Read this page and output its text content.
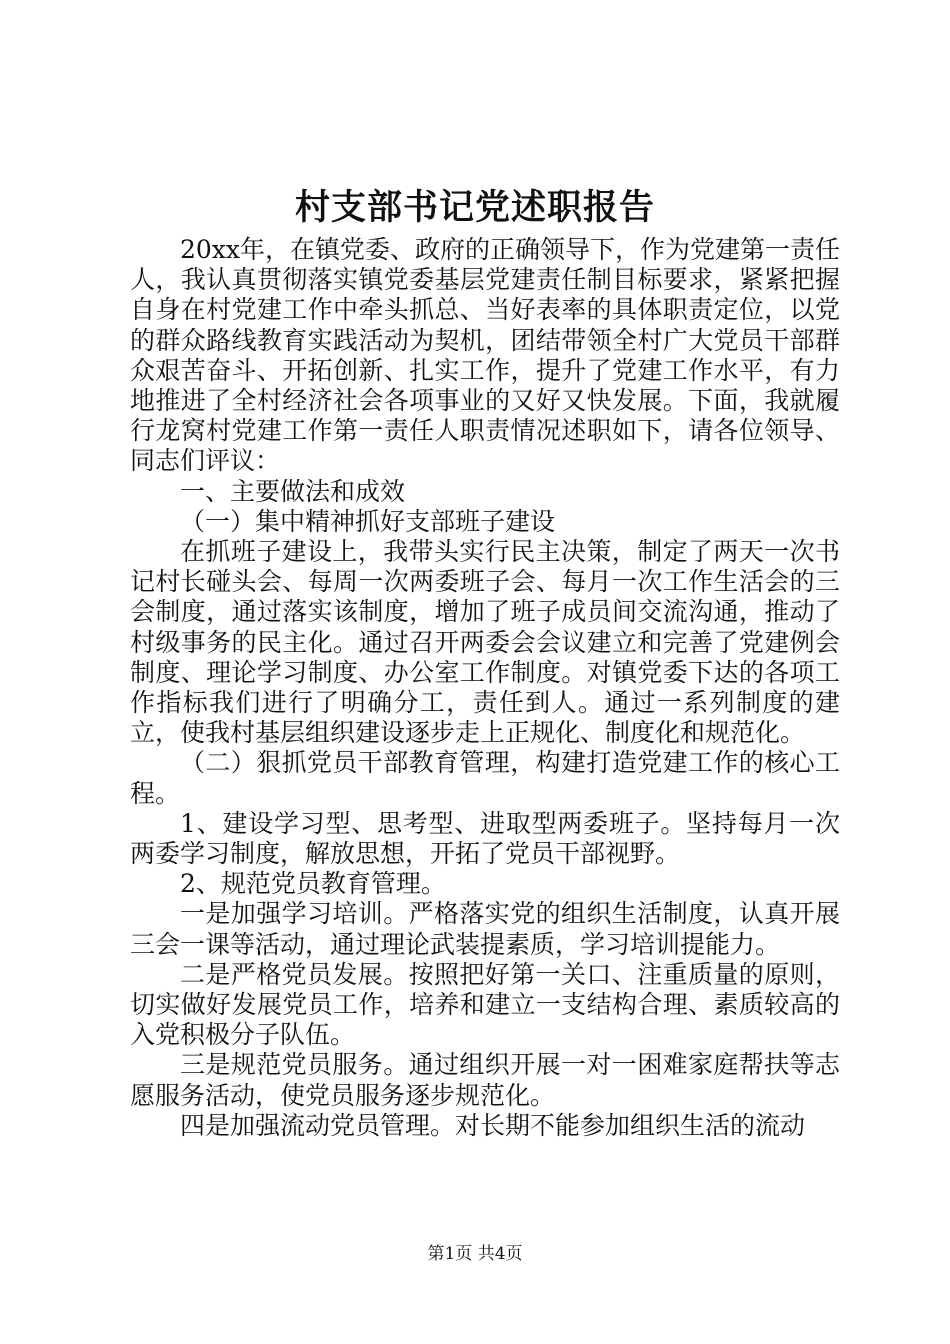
村支部书记党述职报告

20xx年，在镇党委、政府的正确领导下，作为党建第一责任人，我认真贯彻落实镇党委基层党建责任制目标要求，紧紧把握自身在村党建工作中牵头抓总、当好表率的具体职责定位，以党的群众路线教育实践活动为契机，团结带领全村广大党员干部群众艰苦奋斗、开拓创新、扎实工作，提升了党建工作水平，有力地推进了全村经济社会各项事业的又好又快发展。下面，我就履行龙窝村党建工作第一责任人职责情况述职如下，请各位领导、同志们评议：

一、主要做法和成效

（一）集中精神抓好支部班子建设

在抓班子建设上，我带头实行民主决策，制定了两天一次书记村长碰头会、每周一次两委班子会、每月一次工作生活会的三会制度，通过落实该制度，增加了班子成员间交流沟通，推动了村级事务的民主化。通过召开两委会会议建立和完善了党建例会制度、理论学习制度、办公室工作制度。对镇党委下达的各项工作指标我们进行了明确分工，责任到人。通过一系列制度的建立，使我村基层组织建设逐步走上正规化、制度化和规范化。

（二）狠抓党员干部教育管理，构建打造党建工作的核心工程。

1、建设学习型、思考型、进取型两委班子。坚持每月一次两委学习制度，解放思想，开拓了党员干部视野。

2、规范党员教育管理。

一是加强学习培训。严格落实党的组织生活制度，认真开展三会一课等活动，通过理论武装提素质，学习培训提能力。

二是严格党员发展。按照把好第一关口、注重质量的原则，切实做好发展党员工作，培养和建立一支结构合理、素质较高的入党积极分子队伍。

三是规范党员服务。通过组织开展一对一困难家庭帮扶等志愿服务活动，使党员服务逐步规范化。

四是加强流动党员管理。对长期不能参加组织生活的流动

第1页 共4页
